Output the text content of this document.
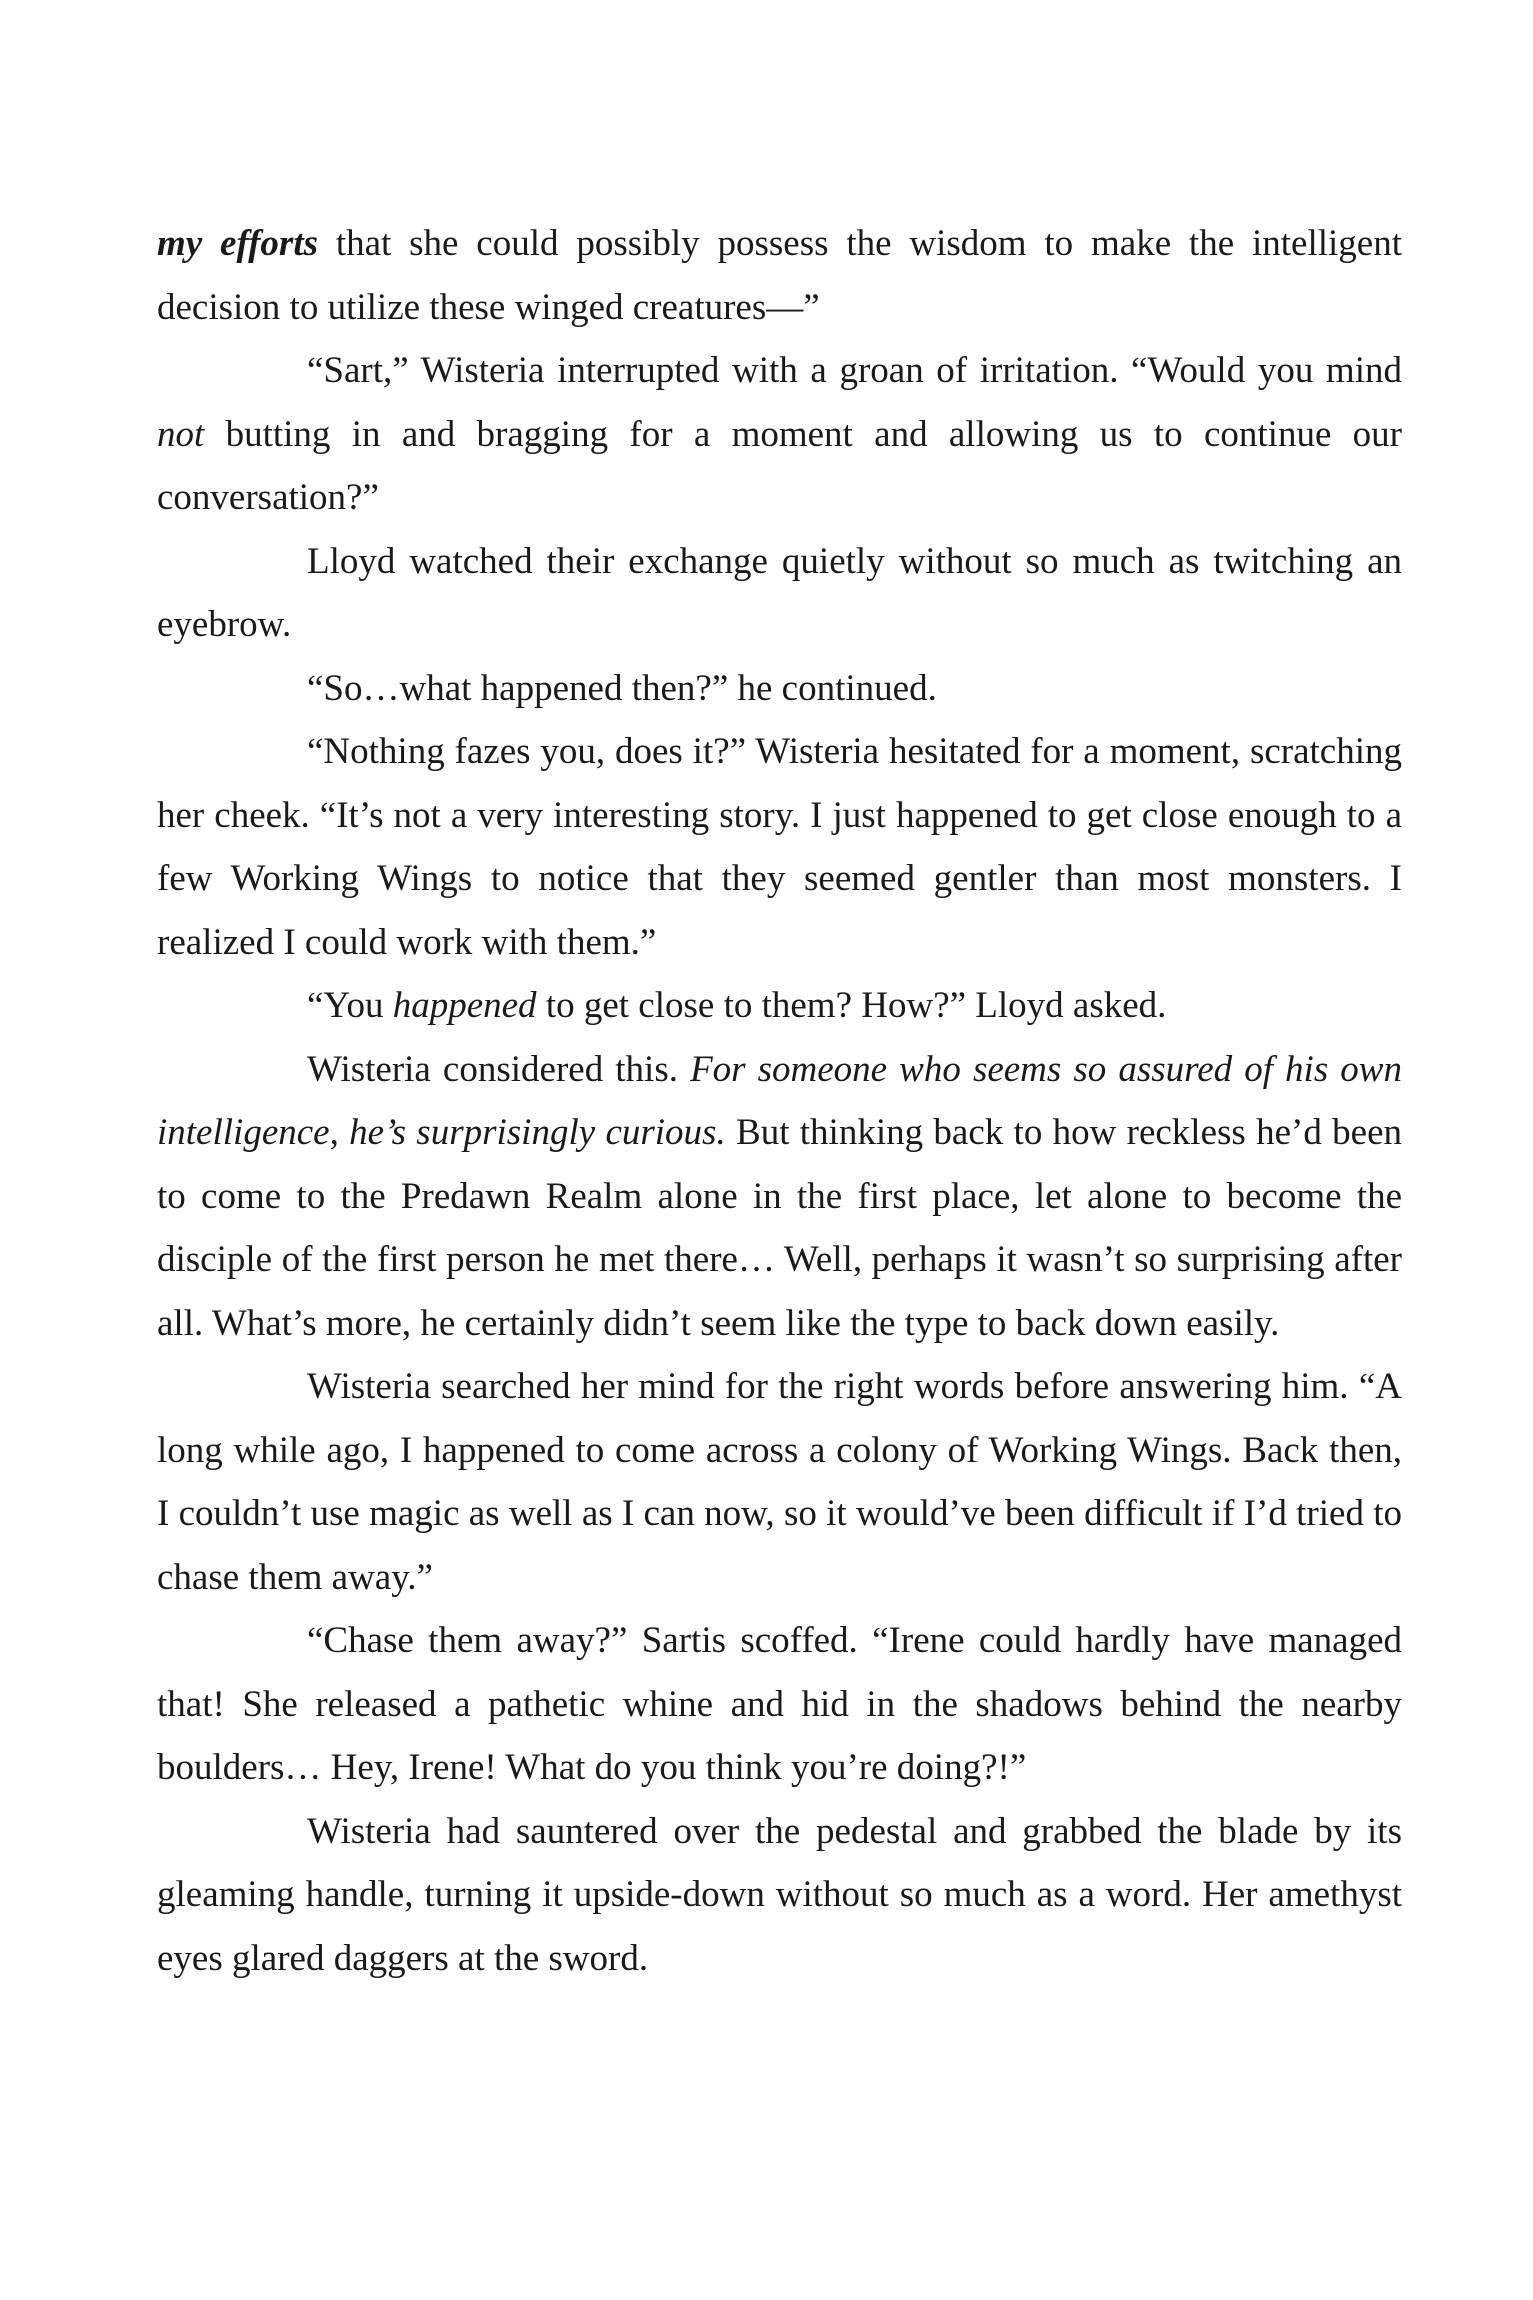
my efforts that she could possibly possess the wisdom to make the intelligent decision to utilize these winged creatures—”

“Sart,” Wisteria interrupted with a groan of irritation. “Would you mind not butting in and bragging for a moment and allowing us to continue our conversation?”

Lloyd watched their exchange quietly without so much as twitching an eyebrow.

“So…what happened then?” he continued.

“Nothing fazes you, does it?” Wisteria hesitated for a moment, scratching her cheek. “It’s not a very interesting story. I just happened to get close enough to a few Working Wings to notice that they seemed gentler than most monsters. I realized I could work with them.”

“You happened to get close to them? How?” Lloyd asked.

Wisteria considered this. For someone who seems so assured of his own intelligence, he’s surprisingly curious. But thinking back to how reckless he’d been to come to the Predawn Realm alone in the first place, let alone to become the disciple of the first person he met there… Well, perhaps it wasn’t so surprising after all. What’s more, he certainly didn’t seem like the type to back down easily.

Wisteria searched her mind for the right words before answering him. “A long while ago, I happened to come across a colony of Working Wings. Back then, I couldn’t use magic as well as I can now, so it would’ve been difficult if I’d tried to chase them away.”

“Chase them away?” Sartis scoffed. “Irene could hardly have managed that! She released a pathetic whine and hid in the shadows behind the nearby boulders… Hey, Irene! What do you think you’re doing?!”

Wisteria had sauntered over the pedestal and grabbed the blade by its gleaming handle, turning it upside-down without so much as a word. Her amethyst eyes glared daggers at the sword.
